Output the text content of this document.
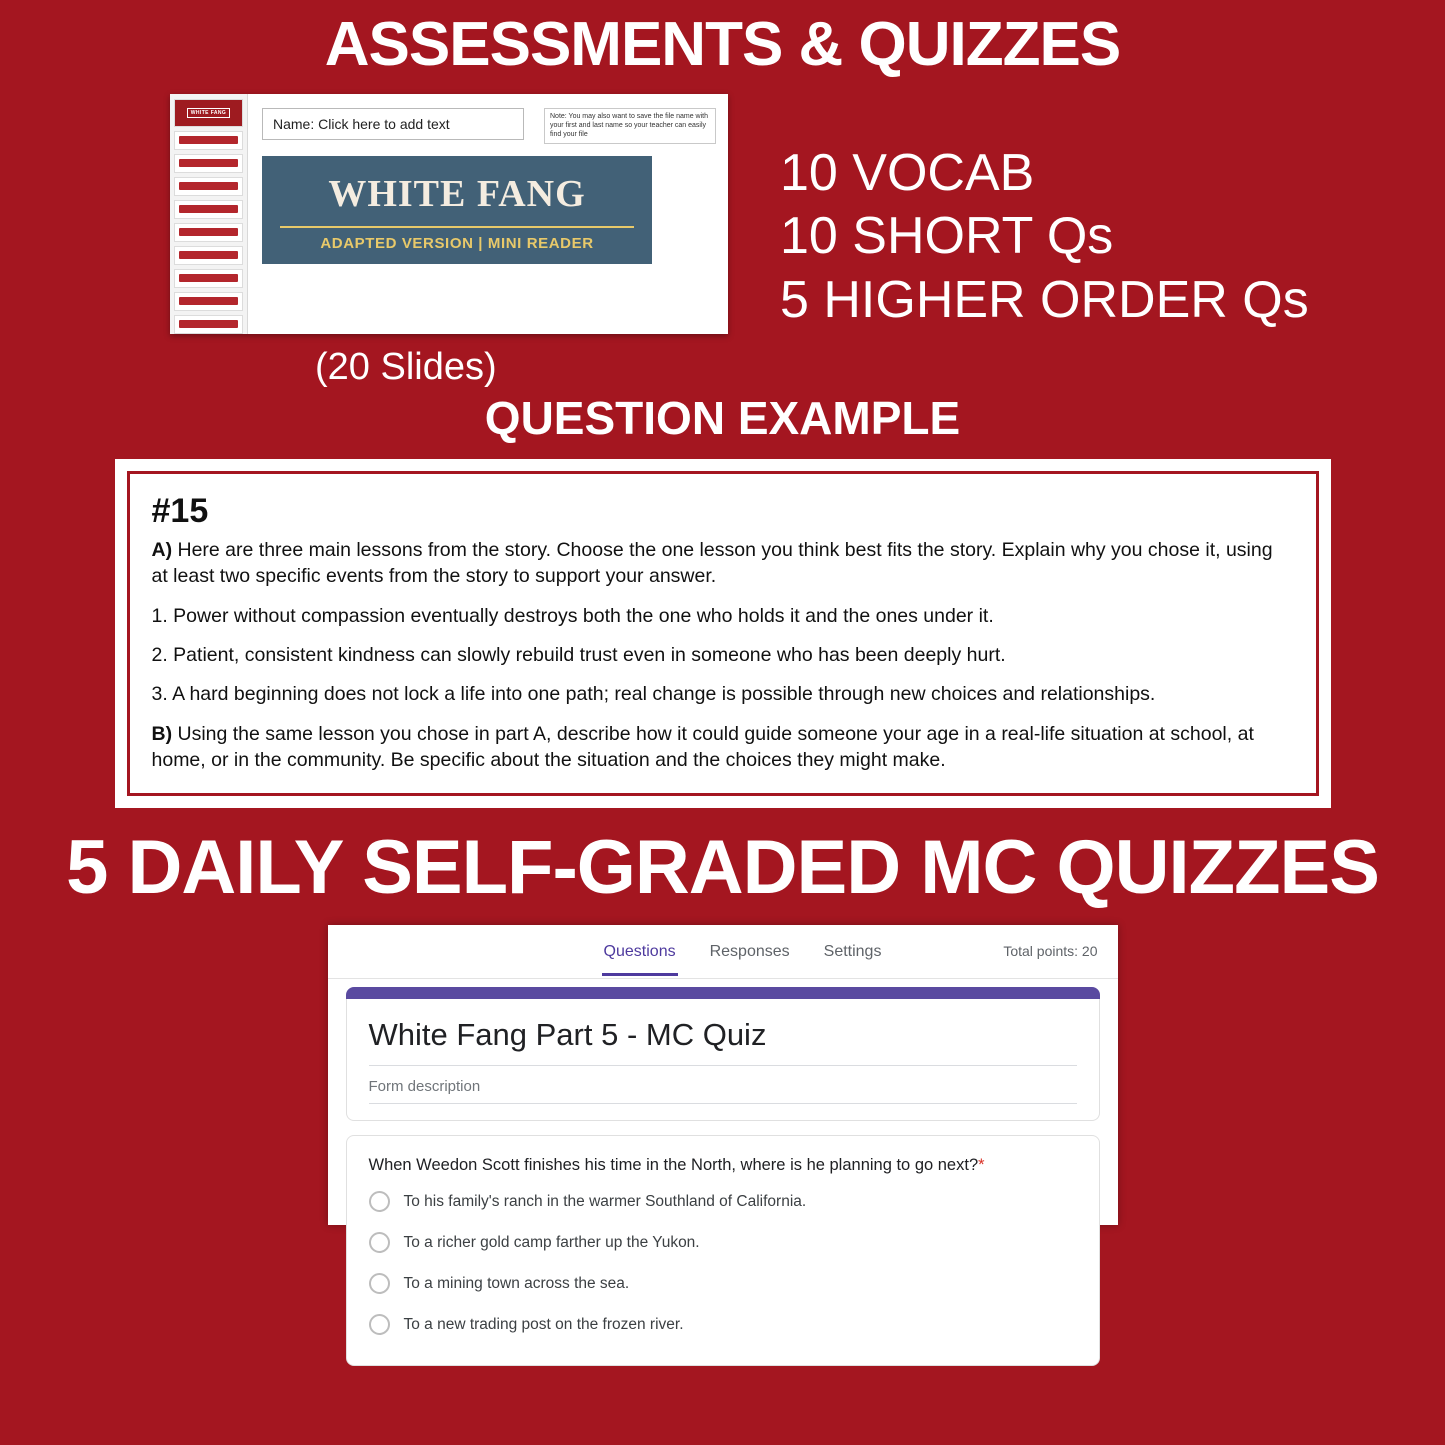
ASSESSMENTS & QUIZZES
WHITE FANG
Name: Click here to add text	Note: You may also want to save the file name with your first and last name so your teacher can easily find your file
WHITE FANG
ADAPTED VERSION | MINI READER
(20 Slides)
10 VOCAB
10 SHORT Qs
5 HIGHER ORDER Qs
QUESTION EXAMPLE
#15
A) Here are three main lessons from the story. Choose the one lesson you think best fits the story. Explain why you chose it, using at least two specific events from the story to support your answer.
1. Power without compassion eventually destroys both the one who holds it and the ones under it.
2. Patient, consistent kindness can slowly rebuild trust even in someone who has been deeply hurt.
3. A hard beginning does not lock a life into one path; real change is possible through new choices and relationships.
B) Using the same lesson you chose in part A, describe how it could guide someone your age in a real-life situation at school, at home, or in the community. Be specific about the situation and the choices they might make.
5 DAILY SELF-GRADED MC QUIZZES
Questions Responses Settings	Total points: 20
White Fang Part 5 - MC Quiz
Form description
When Weedon Scott finishes his time in the North, where is he planning to go next?*
To his family's ranch in the warmer Southland of California.
To a richer gold camp farther up the Yukon.
To a mining town across the sea.
To a new trading post on the frozen river.
